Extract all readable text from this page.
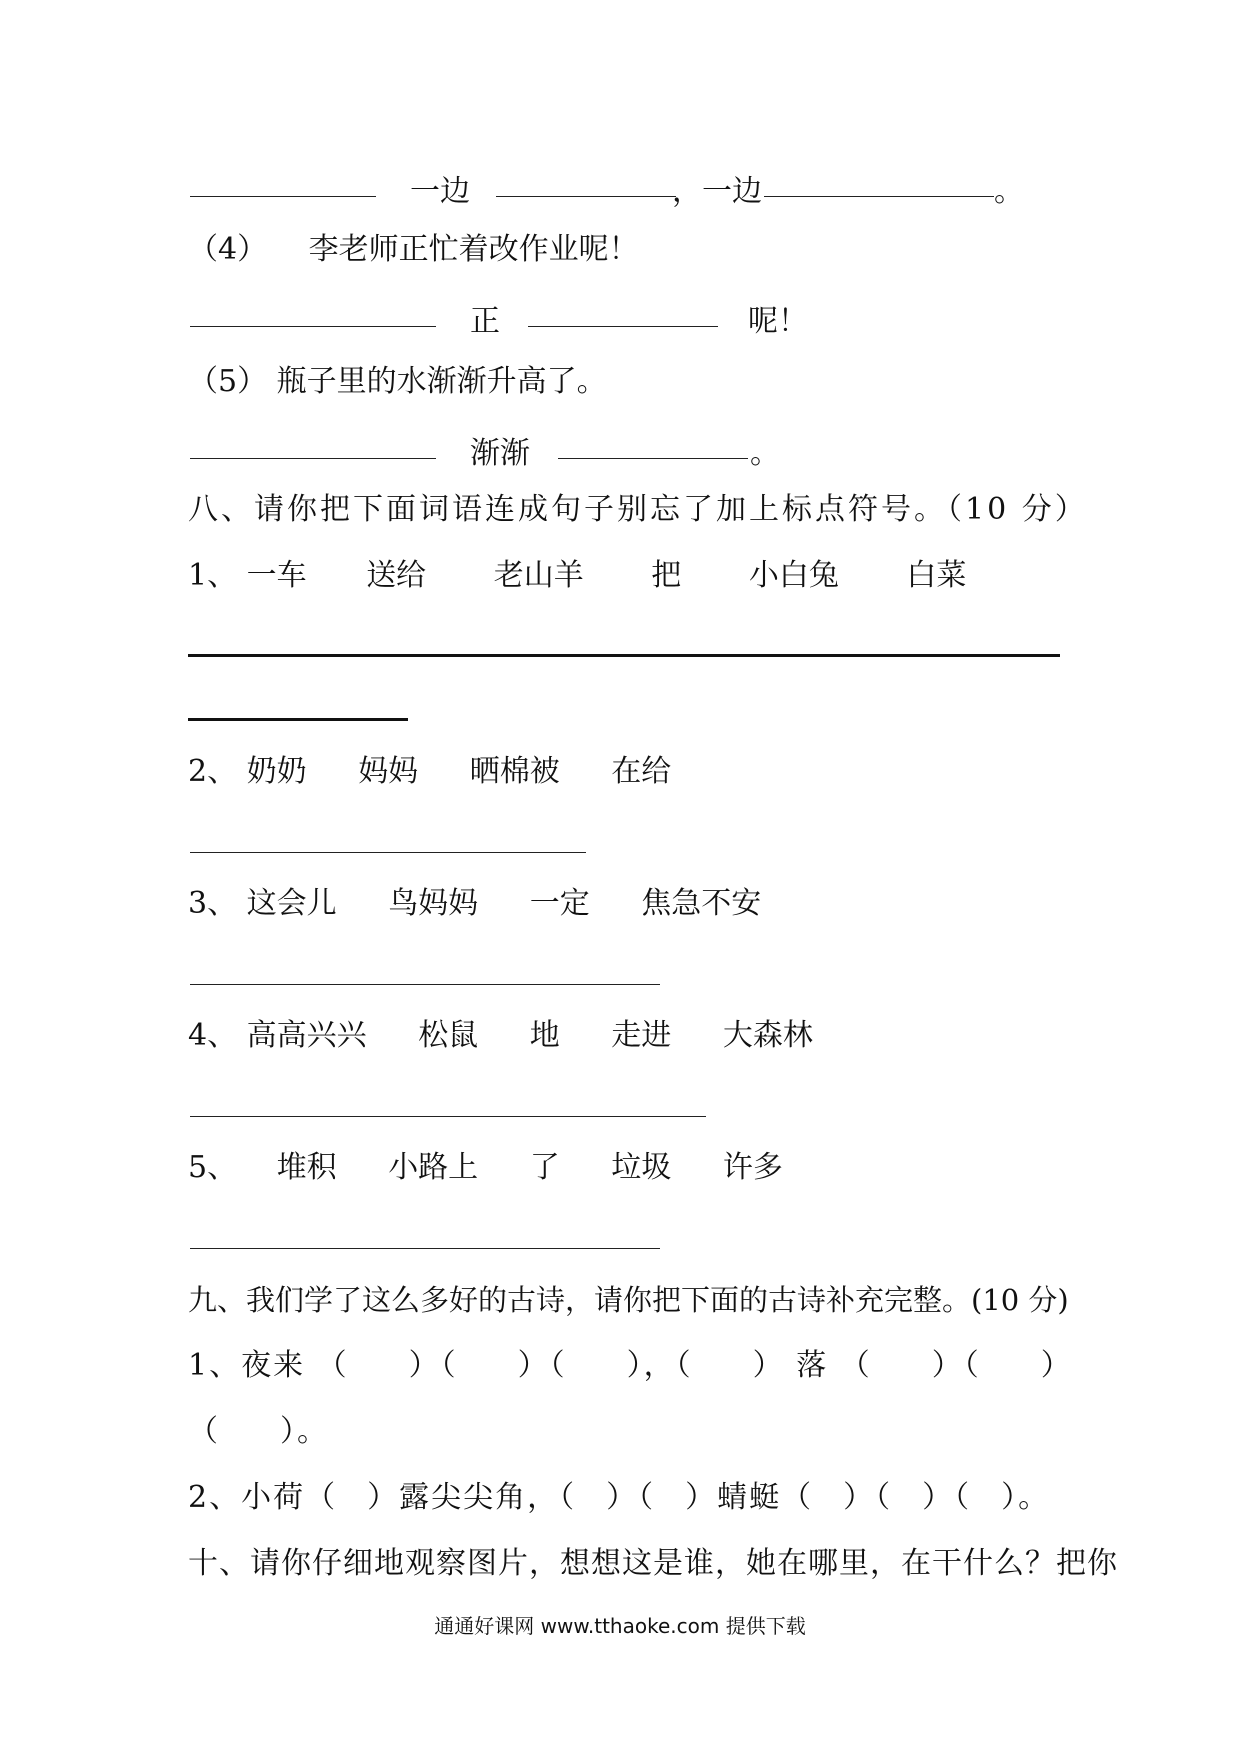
一边	， 一边	。
（4） 李老师正忙着改作业呢！
正	呢！
（5） 瓶子里的水渐渐升高了。
渐渐	。
八、请你把下面词语连成句子别忘了加上标点符号。（10 分）
1、 一车 送给 老山羊 把 小白兔 白菜
2、 奶奶 妈妈 晒棉被 在给
3、 这会儿 鸟妈妈 一定 焦急不安
4、 高高兴兴 松鼠 地 走进 大森林
5、 堆积 小路上 了 垃圾 许多
九、我们学了这么多好的古诗，请你把下面的古诗补充完整。(10 分)
1、夜来 （ ）（ ）（ ），（ ） 落 （ ）（ ）
（ ）。
2、小荷（ ）露尖尖角，（ ）（ ）蜻蜓（ ）（ ）（ ）。
十、请你仔细地观察图片，想想这是谁，她在哪里，在干什么？把你
通通好课网 www.tthaoke.com 提供下载
